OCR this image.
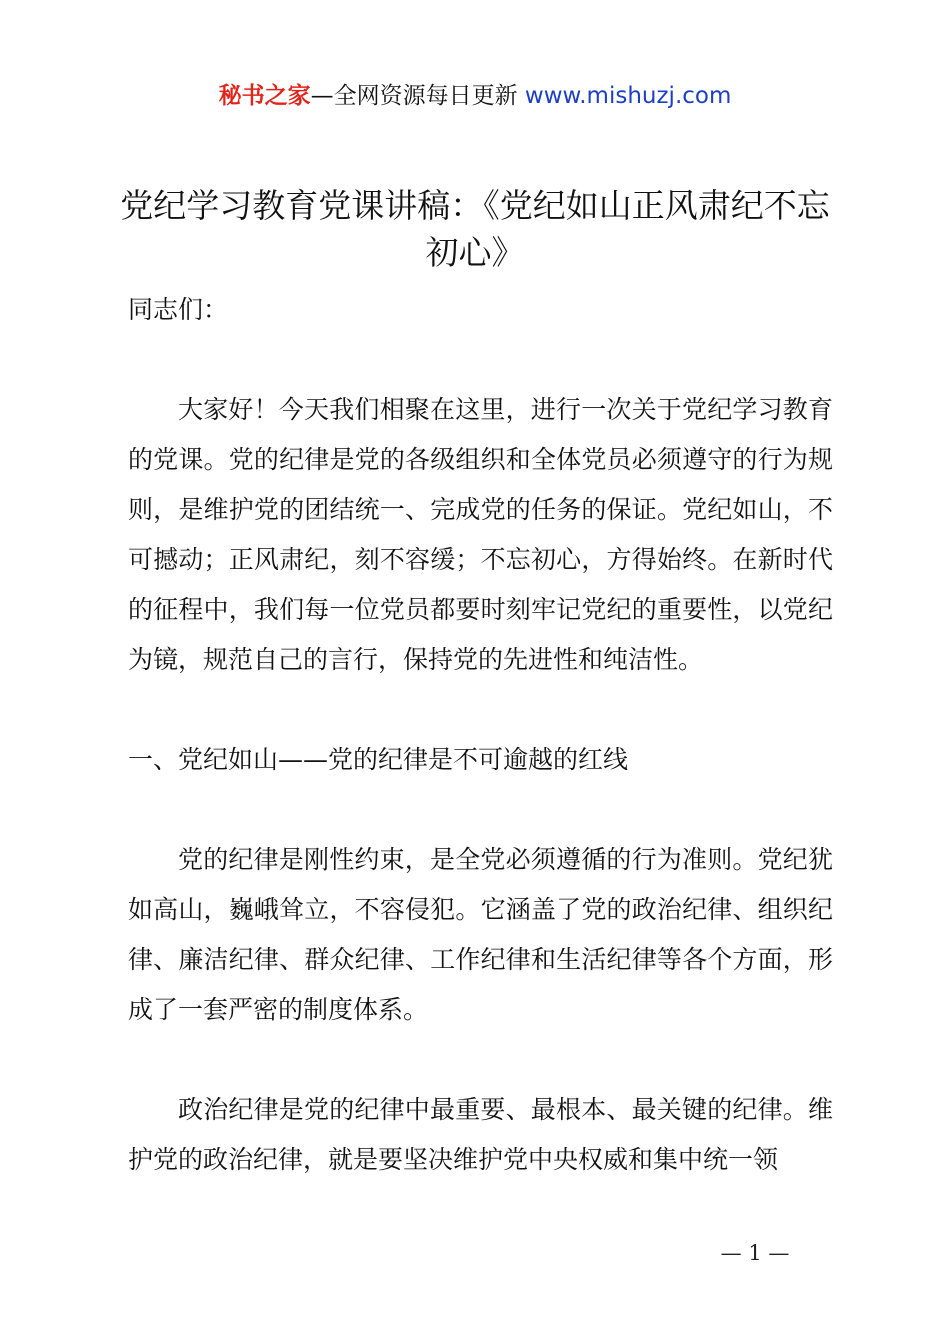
秘书之家—全网资源每日更新 www.mishuzj.com
党纪学习教育党课讲稿：《党纪如山正风肃纪不忘初心》

同志们：

大家好！今天我们相聚在这里，进行一次关于党纪学习教育的党课。党的纪律是党的各级组织和全体党员必须遵守的行为规则，是维护党的团结统一、完成党的任务的保证。党纪如山，不可撼动；正风肃纪，刻不容缓；不忘初心，方得始终。在新时代的征程中，我们每一位党员都要时刻牢记党纪的重要性，以党纪为镜，规范自己的言行，保持党的先进性和纯洁性。

一、党纪如山——党的纪律是不可逾越的红线

党的纪律是刚性约束，是全党必须遵循的行为准则。党纪犹如高山，巍峨耸立，不容侵犯。它涵盖了党的政治纪律、组织纪律、廉洁纪律、群众纪律、工作纪律和生活纪律等各个方面，形成了一套严密的制度体系。

政治纪律是党的纪律中最重要、最根本、最关键的纪律。维护党的政治纪律，就是要坚决维护党中央权威和集中统一领

— 1 —
